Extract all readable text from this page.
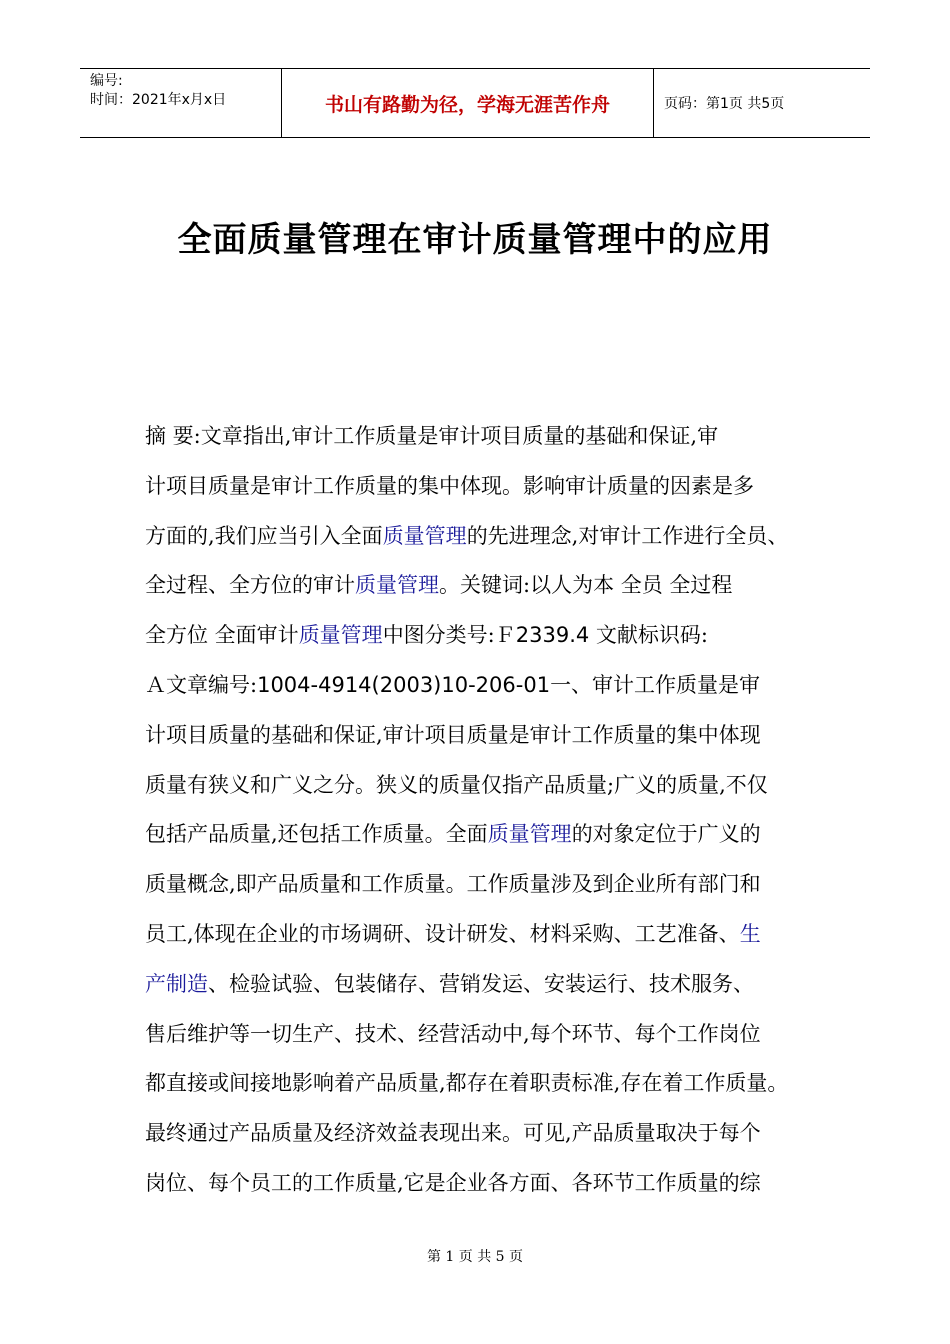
编号:
时间：2021年x月x日	书山有路勤为径，学海无涯苦作舟	页码：第1页 共5页
全面质量管理在审计质量管理中的应用
摘 要:文章指出,审计工作质量是审计项目质量的基础和保证,审
计项目质量是审计工作质量的集中体现。影响审计质量的因素是多
方面的,我们应当引入全面质量管理的先进理念,对审计工作进行全员、
全过程、全方位的审计质量管理。关键词:以人为本 全员 全过程
全方位 全面审计质量管理中图分类号:Ｆ2339.4 文献标识码:
Ａ文章编号:1004-4914(2003)10-206-01一、审计工作质量是审
计项目质量的基础和保证,审计项目质量是审计工作质量的集中体现
质量有狭义和广义之分。狭义的质量仅指产品质量;广义的质量,不仅
包括产品质量,还包括工作质量。全面质量管理的对象定位于广义的
质量概念,即产品质量和工作质量。工作质量涉及到企业所有部门和
员工,体现在企业的市场调研、设计研发、材料采购、工艺准备、生
产制造、检验试验、包装储存、营销发运、安装运行、技术服务、
售后维护等一切生产、技术、经营活动中,每个环节、每个工作岗位
都直接或间接地影响着产品质量,都存在着职责标准,存在着工作质量。
最终通过产品质量及经济效益表现出来。可见,产品质量取决于每个
岗位、每个员工的工作质量,它是企业各方面、各环节工作质量的综
第 1 页 共 5 页
